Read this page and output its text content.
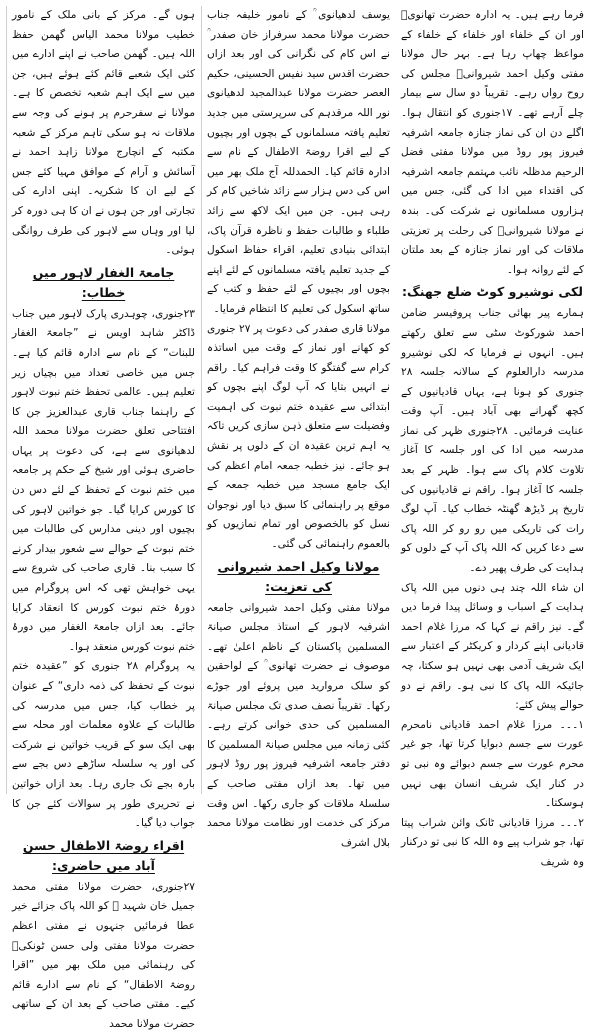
ہوں گے۔ مرکز کے بانی ملک کے نامور خطیب مولانا محمد الیاس گھمن حفظ اللہ ہیں۔ گھمن صاحب نے اپنے ادارے میں کئی ایک شعبے قائم کئے ہوئے ہیں، جن میں سے ایک اہم شعبہ تخصص کا ہے۔ مولانا نے سفرحرم پر ہونے کی وجہ سے ملاقات نہ ہو سکی تاہم مرکز کے شعبہ مکتبہ کے انچارج مولانا زاہد احمد نے آسائش و آرام کے موافق مہیا کئے جس کے لیے ان کا شکریہ۔ اپنی ادارے کی تجارتی اور جن ہوں نے ان کا ہی دورہ کر لیا اور وہاں سے لاہور کی طرف روانگی ہوئی۔

جامعۃ الغفار لاہور میں خطاب:

۲۳جنوری، چوہدری پارک لاہور میں جناب ڈاکٹر شاہد اویس نے ”جامعۃ الغفار للبنات“ کے نام سے ادارہ قائم کیا ہے۔ جس میں خاصی تعداد میں بچیاں زیر تعلیم ہیں۔ عالمی تحفظ ختم نبوت لاہور کے راہنما جناب قاری عبدالعزیز جن کا افتتاحی تعلق حضرت مولانا محمد اللہ لدھیانوی سے ہے، کی دعوت پر یہاں حاضری ہوئی اور شیخ کے حکم پر جامعہ میں ختم نبوت کے تحفظ کے لئے دس دن کا کورس کرایا گیا۔ جو خواتین لاہور کی بچیوں اور دینی مدارس کی طالبات میں ختم نبوت کے حوالے سے شعور بیدار کرنے کا سبب بنا۔ قاری صاحب کی شروع سے یہی خواہش تھی کہ اس پروگرام میں دورۂ ختم نبوت کورس کا انعقاد کرایا جائے۔ بعد ازاں جامعۃ الغفار میں دورۂ ختم نبوت کورس منعقد ہوا۔

یہ پروگرام ۲۸ جنوری کو ”عقیدہ ختم نبوت کے تحفظ کی ذمہ داری“ کے عنوان پر خطاب کیا، جس میں مدرسہ کی طالبات کے علاوہ معلمات اور محلہ سے بھی ایک سو کے قریب خواتین نے شرکت کی اور یہ سلسلہ ساڑھے دس بجے سے بارہ بجے تک جاری رہا۔ بعد ازاں خواتین نے تحریری طور پر سوالات کئے جن کا جواب دیا گیا۔

اقراء روضۃ الاطفال حسن آباد میں حاضری:

۲۷جنوری، حضرت مولانا مفتی محمد جمیل خان شہید ؒ کو اللہ پاک جزائے خیر عطا فرمائیں جنہوں نے مفتی اعظم حضرت مولانا مفتی ولی حسن ٹونکیؒ کی رہنمائی میں ملک بھر میں ”اقرا روضۃ الاطفال“ کے نام سے ادارے قائم کیے۔ مفتی صاحب کے بعد ان کے ساتھی حضرت مولانا محمد

یوسف لدھیانوی ؒ کے نامور خلیفہ جناب حضرت مولانا محمد سرفراز خان صفدر ؒ نے اس کام کی نگرانی کی اور بعد ازاں حضرت اقدس سید نفیس الحسینی، حکیم العصر حضرت مولانا عبدالمجید لدھیانوی نور اللہ مرقدہم کی سرپرستی میں جدید تعلیم یافتہ مسلمانوں کے بچوں اور بچیوں کے لیے اقرا روضۃ الاطفال کے نام سے ادارہ قائم کیا۔ الحمدللہ آج ملک بھر میں اس کی دس ہزار سے زائد شاخیں کام کر رہی ہیں۔ جن میں ایک لاکھ سے زائد طلباء و طالبات حفظ و ناظرہ قرآن پاک، ابتدائی بنیادی تعلیم، اقراء حفاظ اسکول کے جدید تعلیم یافتہ مسلمانوں کے لئے اپنے بچوں اور بچیوں کے لئے حفظ و کتب کے ساتھ اسکول کی تعلیم کا انتظام فرمایا۔

مولانا قاری صفدر کی دعوت پر ۲۷ جنوری کو کھانے اور نماز کے وقت میں اساتذہ کرام سے گفتگو کا وقت فراہم کیا۔ راقم نے انہیں بتایا کہ آپ لوگ اپنے بچوں کو ابتدائی سے عقیدہ ختم نبوت کی اہمیت وفضیلت سے متعلق ذہن سازی کریں تاکہ یہ اہم ترین عقیدہ ان کے دلوں پر نقش ہو جائے۔ نیز خطبہ جمعہ امام اعظم کی ایک جامع مسجد میں خطبہ جمعہ کے موقع پر راہنمائی کا سبق دیا اور نوجوان نسل کو بالخصوص اور تمام نمازیوں کو بالعموم راہنمائی کی گئی۔

مولانا وکیل احمد شیروانی کی تعزیت:

مولانا مفتی وکیل احمد شیروانی جامعہ اشرفیہ لاہور کے استاذ مجلس صیانۃ المسلمین پاکستان کے ناظم اعلیٰ تھے۔ موصوف نے حضرت تھانوی ؒ کے لواحقین کو سلک مروارید میں پروئے اور جوڑے رکھا۔ تقریباً نصف صدی تک مجلس صیانۃ المسلمین کی حدی خوانی کرتے رہے۔ کئی زمانہ میں مجلس صیانۃ المسلمین کا دفتر جامعہ اشرفیہ فیروز پور روڈ لاہور میں تھا۔ بعد ازاں مفتی صاحب کے سلسلۂ ملاقات کو جاری رکھا۔ اس وقت مرکز کی خدمت اور نظامت مولانا محمد بلال اشرف

فرما رہے ہیں۔ یہ ادارہ حضرت تھانویؒ اور ان کے خلفاء اور خلفاء کے خلفاء کے مواعظ چھاپ رہا ہے۔ بہر حال مولانا مفتی وکیل احمد شیروانیؒ مجلس کی روح رواں رہے۔ تقریباً دو سال سے بیمار چلے آرہے تھے۔ ۱۷جنوری کو انتقال ہوا۔ اگلے دن ان کی نماز جنازہ جامعہ اشرفیہ فیروز پور روڈ میں مولانا مفتی فضل الرحیم مدظلہ نائب مہتمم جامعہ اشرفیہ کی اقتداء میں ادا کی گئی، جس میں ہزاروں مسلمانوں نے شرکت کی۔ بندہ نے مولانا شیروانیؒ کی رحلت پر تعزیتی ملاقات کی اور نماز جنازہ کے بعد ملتان کے لئے روانہ ہوا۔

لکی نوشیرو کوٹ ضلع جھنگ:

ہمارے پیر بھائی جناب پروفیسر ضامن احمد شورکوٹ سٹی سے تعلق رکھتے ہیں۔ انہوں نے فرمایا کہ لکی نوشیرو مدرسہ دارالعلوم کے سالانہ جلسہ ۲۸ جنوری کو ہونا ہے، یہاں قادیانیوں کے کچھ گھرانے بھی آباد ہیں۔ آپ وقت عنایت فرمائیں۔ ۲۸جنوری ظہر کی نماز مدرسہ میں ادا کی اور جلسہ کا آغاز تلاوت کلام پاک سے ہوا۔ ظہر کے بعد جلسہ کا آغاز ہوا۔ راقم نے قادیانیوں کی تاریخ پر ڈیڑھ گھنٹہ خطاب کیا۔ آپ لوگ رات کی تاریکی میں رو رو کر اللہ پاک سے دعا کریں کہ اللہ پاک آپ کے دلوں کو ہدایت کی طرف پھیر دے۔

ان شاء اللہ چند ہی دنوں میں اللہ پاک ہدایت کے اسباب و وسائل پیدا فرما دیں گے۔ نیز راقم نے کہا کہ مرزا غلام احمد قادیانی اپنے کردار و کریکٹر کے اعتبار سے ایک شریف آدمی بھی نہیں ہو سکتا، چہ جائیکہ اللہ پاک کا نبی ہو۔ راقم نے دو حوالے پیش کئے:

۱۔۔۔ مرزا غلام احمد قادیانی نامحرم عورت سے جسم دبوایا کرتا تھا، جو غیر محرم عورت سے جسم دبوائے وہ نبی تو در کنار ایک شریف انسان بھی نہیں ہوسکتا۔

۲۔۔۔ مرزا قادیانی ٹانک وائن شراب پیتا تھا، جو شراب پیے وہ اللہ کا نبی تو درکنار وہ شریف
